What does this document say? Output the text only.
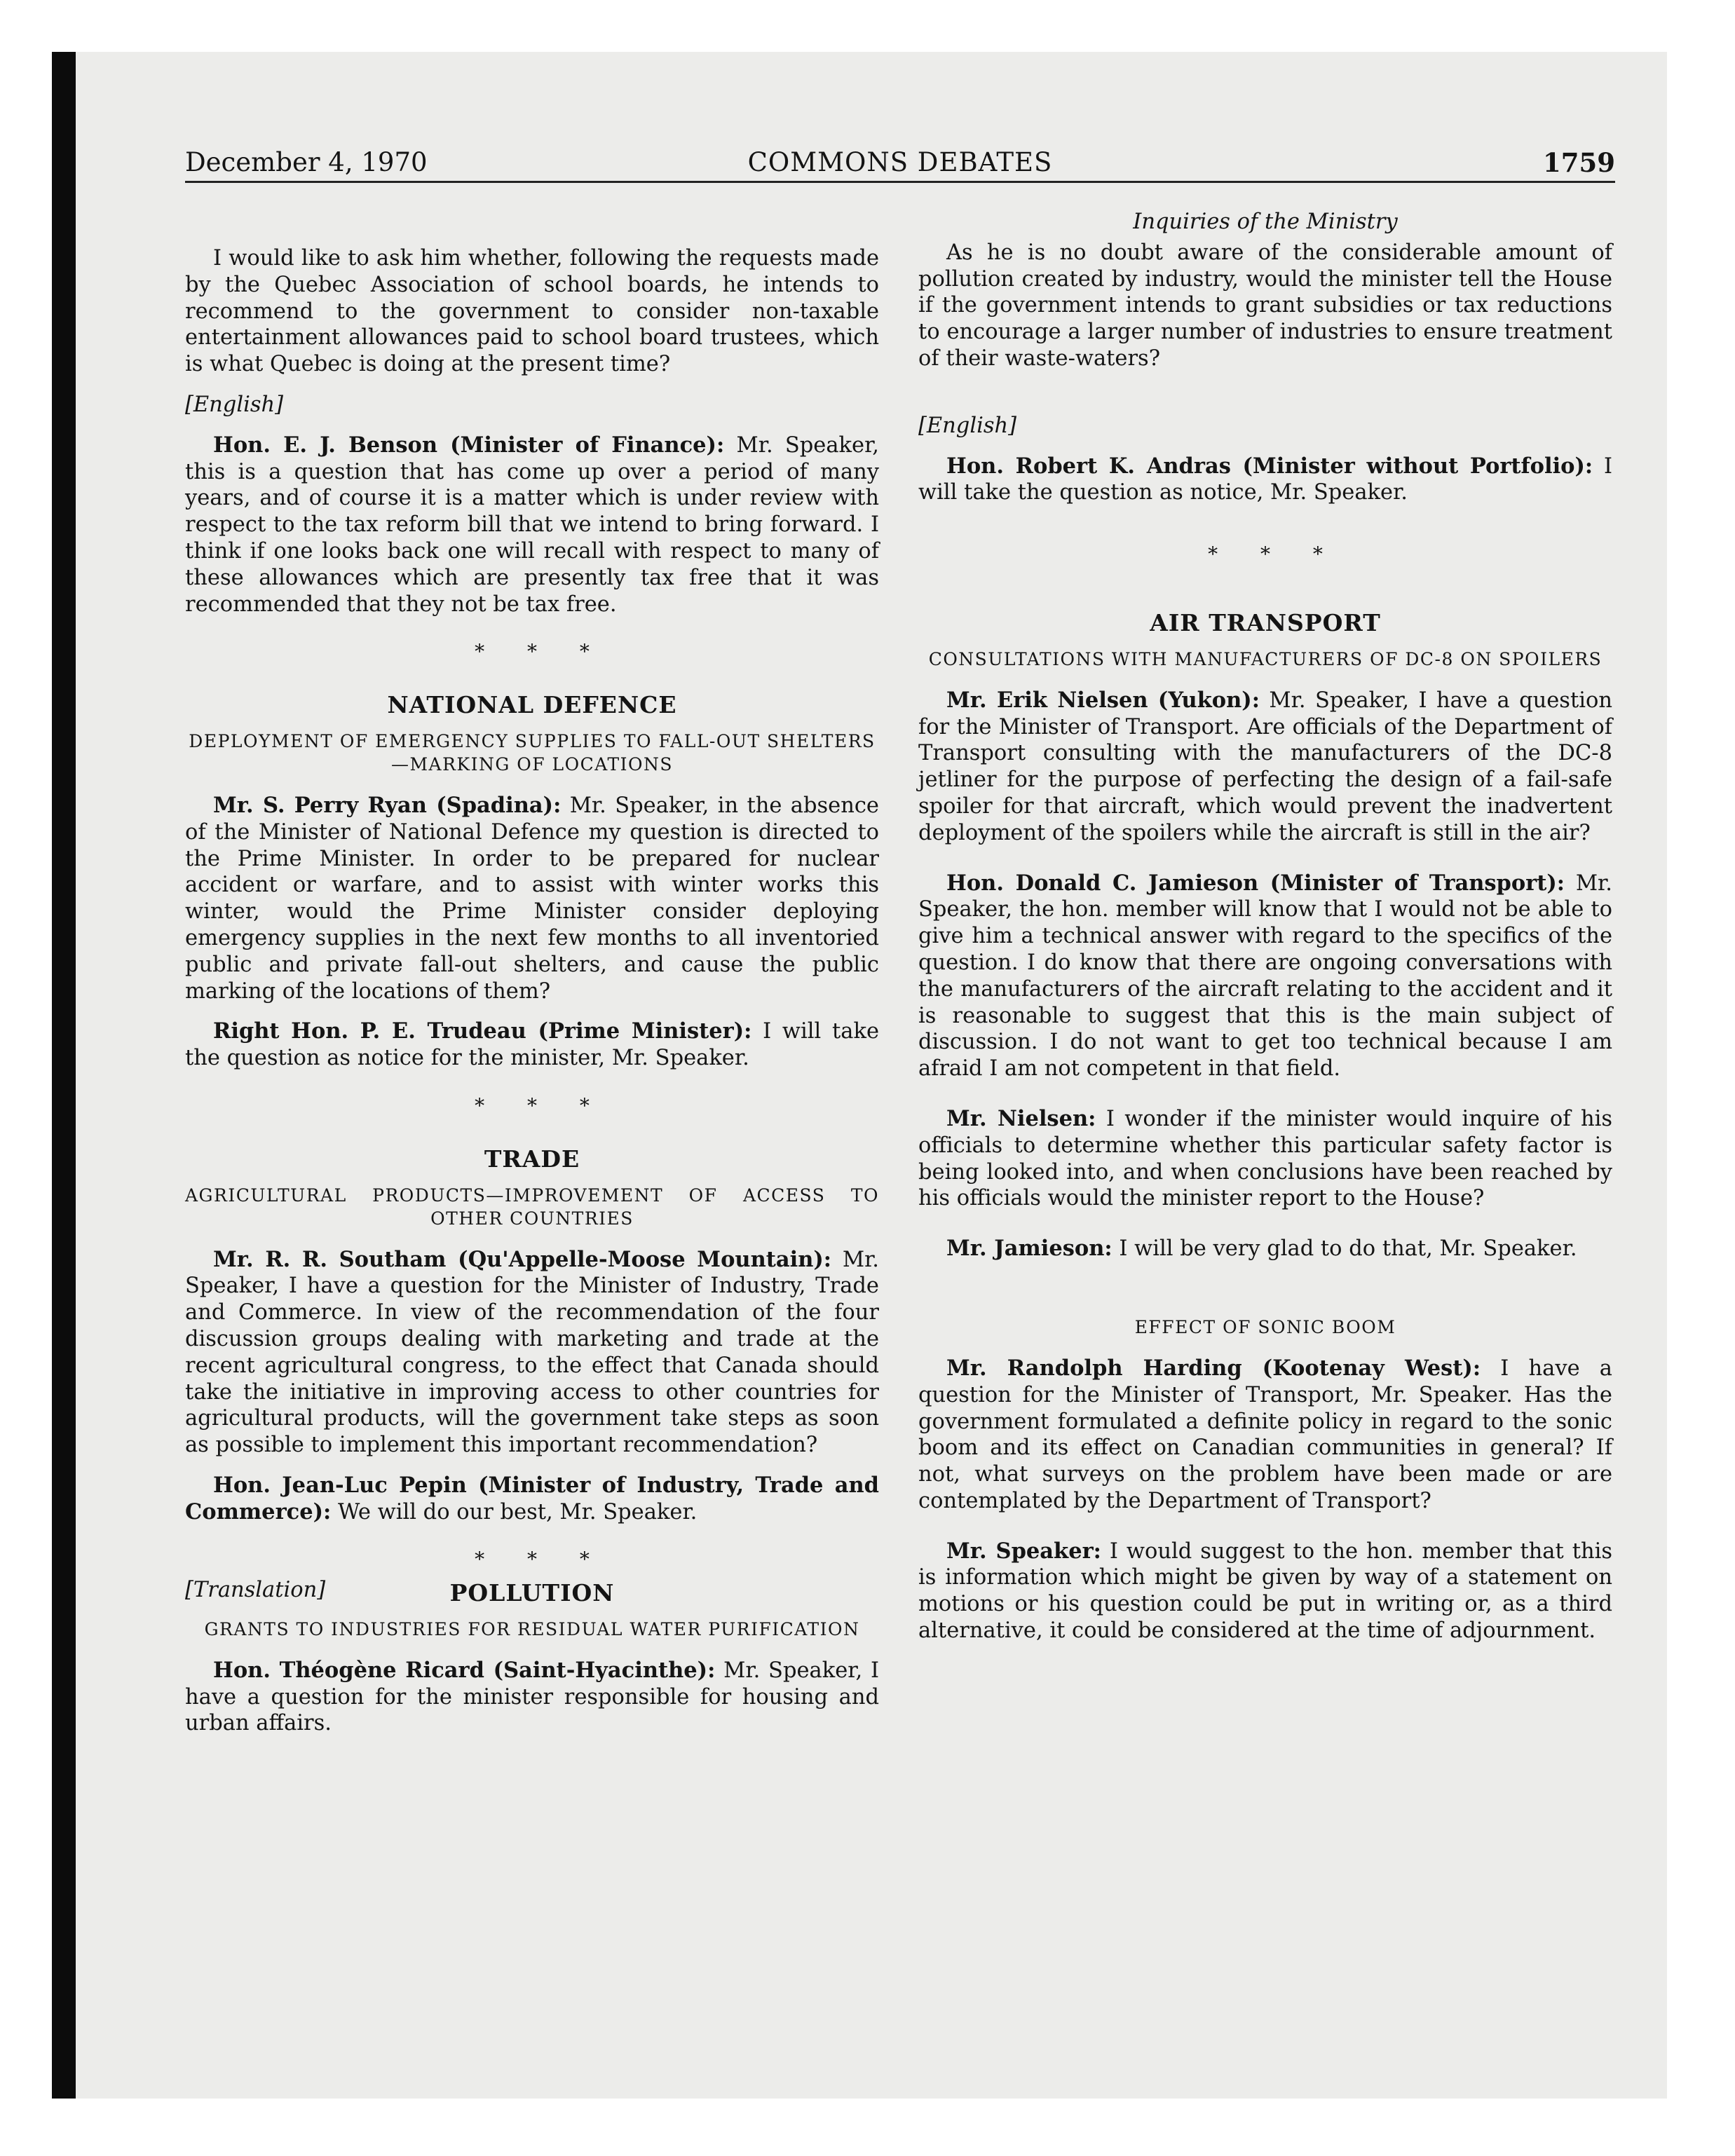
December 4, 1970	COMMONS DEBATES	1759

I would like to ask him whether, following the requests made by the Quebec Association of school boards, he intends to recommend to the government to consider non-taxable entertainment allowances paid to school board trustees, which is what Quebec is doing at the present time?

[English]

Hon. E. J. Benson (Minister of Finance): Mr. Speaker, this is a question that has come up over a period of many years, and of course it is a matter which is under review with respect to the tax reform bill that we intend to bring forward. I think if one looks back one will recall with respect to many of these allowances which are presently tax free that it was recommended that they not be tax free.

* * *
NATIONAL DEFENCE
DEPLOYMENT OF EMERGENCY SUPPLIES TO FALL-OUT SHELTERS—MARKING OF LOCATIONS

Mr. S. Perry Ryan (Spadina): Mr. Speaker, in the absence of the Minister of National Defence my question is directed to the Prime Minister. In order to be prepared for nuclear accident or warfare, and to assist with winter works this winter, would the Prime Minister consider deploying emergency supplies in the next few months to all inventoried public and private fall-out shelters, and cause the public marking of the locations of them?

Right Hon. P. E. Trudeau (Prime Minister): I will take the question as notice for the minister, Mr. Speaker.

* * *
TRADE
AGRICULTURAL PRODUCTS—IMPROVEMENT OF ACCESS TO OTHER COUNTRIES

Mr. R. R. Southam (Qu'Appelle-Moose Mountain): Mr. Speaker, I have a question for the Minister of Industry, Trade and Commerce. In view of the recommendation of the four discussion groups dealing with marketing and trade at the recent agricultural congress, to the effect that Canada should take the initiative in improving access to other countries for agricultural products, will the government take steps as soon as possible to implement this important recommendation?

Hon. Jean-Luc Pepin (Minister of Industry, Trade and Commerce): We will do our best, Mr. Speaker.

* * *

[Translation]	POLLUTION
GRANTS TO INDUSTRIES FOR RESIDUAL WATER PURIFICATION

Hon. Théogène Ricard (Saint-Hyacinthe): Mr. Speaker, I have a question for the minister responsible for housing and urban affairs.

Inquiries of the Ministry

As he is no doubt aware of the considerable amount of pollution created by industry, would the minister tell the House if the government intends to grant subsidies or tax reductions to encourage a larger number of industries to ensure treatment of their waste-waters?

[English]

Hon. Robert K. Andras (Minister without Portfolio): I will take the question as notice, Mr. Speaker.

* * *
AIR TRANSPORT
CONSULTATIONS WITH MANUFACTURERS OF DC-8 ON SPOILERS

Mr. Erik Nielsen (Yukon): Mr. Speaker, I have a question for the Minister of Transport. Are officials of the Department of Transport consulting with the manufacturers of the DC-8 jetliner for the purpose of perfecting the design of a fail-safe spoiler for that aircraft, which would prevent the inadvertent deployment of the spoilers while the aircraft is still in the air?

Hon. Donald C. Jamieson (Minister of Transport): Mr. Speaker, the hon. member will know that I would not be able to give him a technical answer with regard to the specifics of the question. I do know that there are ongoing conversations with the manufacturers of the aircraft relating to the accident and it is reasonable to suggest that this is the main subject of discussion. I do not want to get too technical because I am afraid I am not competent in that field.

Mr. Nielsen: I wonder if the minister would inquire of his officials to determine whether this particular safety factor is being looked into, and when conclusions have been reached by his officials would the minister report to the House?

Mr. Jamieson: I will be very glad to do that, Mr. Speaker.

EFFECT OF SONIC BOOM

Mr. Randolph Harding (Kootenay West): I have a question for the Minister of Transport, Mr. Speaker. Has the government formulated a definite policy in regard to the sonic boom and its effect on Canadian communities in general? If not, what surveys on the problem have been made or are contemplated by the Department of Transport?

Mr. Speaker: I would suggest to the hon. member that this is information which might be given by way of a statement on motions or his question could be put in writing or, as a third alternative, it could be considered at the time of adjournment.
